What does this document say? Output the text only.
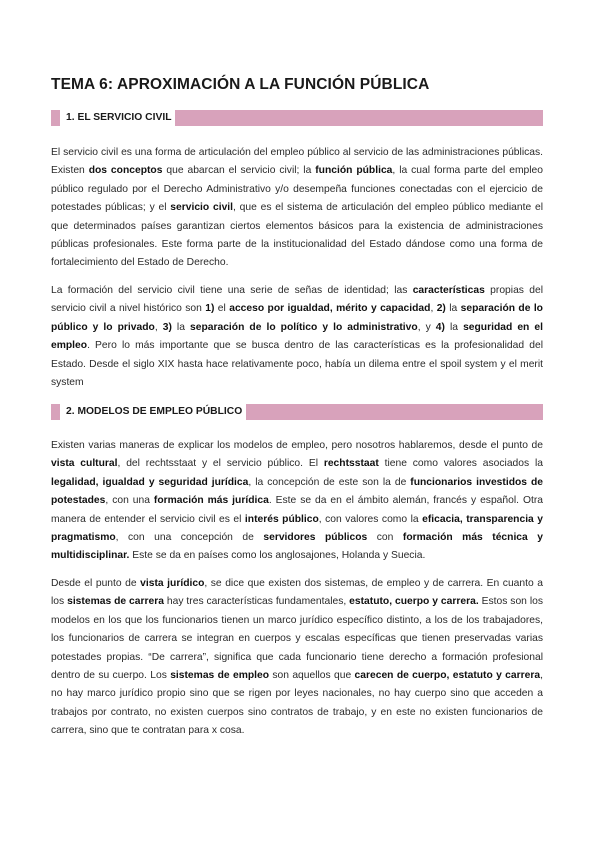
TEMA 6: APROXIMACIÓN A LA FUNCIÓN PÚBLICA
1. EL SERVICIO CIVIL

El servicio civil es una forma de articulación del empleo público al servicio de las administraciones públicas. Existen dos conceptos que abarcan el servicio civil; la función pública, la cual forma parte del empleo público regulado por el Derecho Administrativo y/o desempeña funciones conectadas con el ejercicio de potestades públicas; y el servicio civil, que es el sistema de articulación del empleo público mediante el que determinados países garantizan ciertos elementos básicos para la existencia de administraciones públicas profesionales. Este forma parte de la institucionalidad del Estado dándose como una forma de fortalecimiento del Estado de Derecho.

La formación del servicio civil tiene una serie de señas de identidad; las características propias del servicio civil a nivel histórico son 1) el acceso por igualdad, mérito y capacidad, 2) la separación de lo público y lo privado, 3) la separación de lo político y lo administrativo, y 4) la seguridad en el empleo. Pero lo más importante que se busca dentro de las características es la profesionalidad del Estado. Desde el siglo XIX hasta hace relativamente poco, había un dilema entre el spoil system y el merit system

2. MODELOS DE EMPLEO PÚBLICO

Existen varias maneras de explicar los modelos de empleo, pero nosotros hablaremos, desde el punto de vista cultural, del rechtsstaat y el servicio público. El rechtsstaat tiene como valores asociados la legalidad, igualdad y seguridad jurídica, la concepción de este son la de funcionarios investidos de potestades, con una formación más jurídica. Este se da en el ámbito alemán, francés y español. Otra manera de entender el servicio civil es el interés público, con valores como la eficacia, transparencia y pragmatismo, con una concepción de servidores públicos con formación más técnica y multidisciplinar. Este se da en países como los anglosajones, Holanda y Suecia.

Desde el punto de vista jurídico, se dice que existen dos sistemas, de empleo y de carrera. En cuanto a los sistemas de carrera hay tres características fundamentales, estatuto, cuerpo y carrera. Estos son los modelos en los que los funcionarios tienen un marco jurídico específico distinto, a los de los trabajadores, los funcionarios de carrera se integran en cuerpos y escalas específicas que tienen preservadas varias potestades propias. “De carrera”, significa que cada funcionario tiene derecho a formación profesional dentro de su cuerpo. Los sistemas de empleo son aquellos que carecen de cuerpo, estatuto y carrera, no hay marco jurídico propio sino que se rigen por leyes nacionales, no hay cuerpo sino que acceden a trabajos por contrato, no existen cuerpos sino contratos de trabajo, y en este no existen funcionarios de carrera, sino que te contratan para x cosa.
